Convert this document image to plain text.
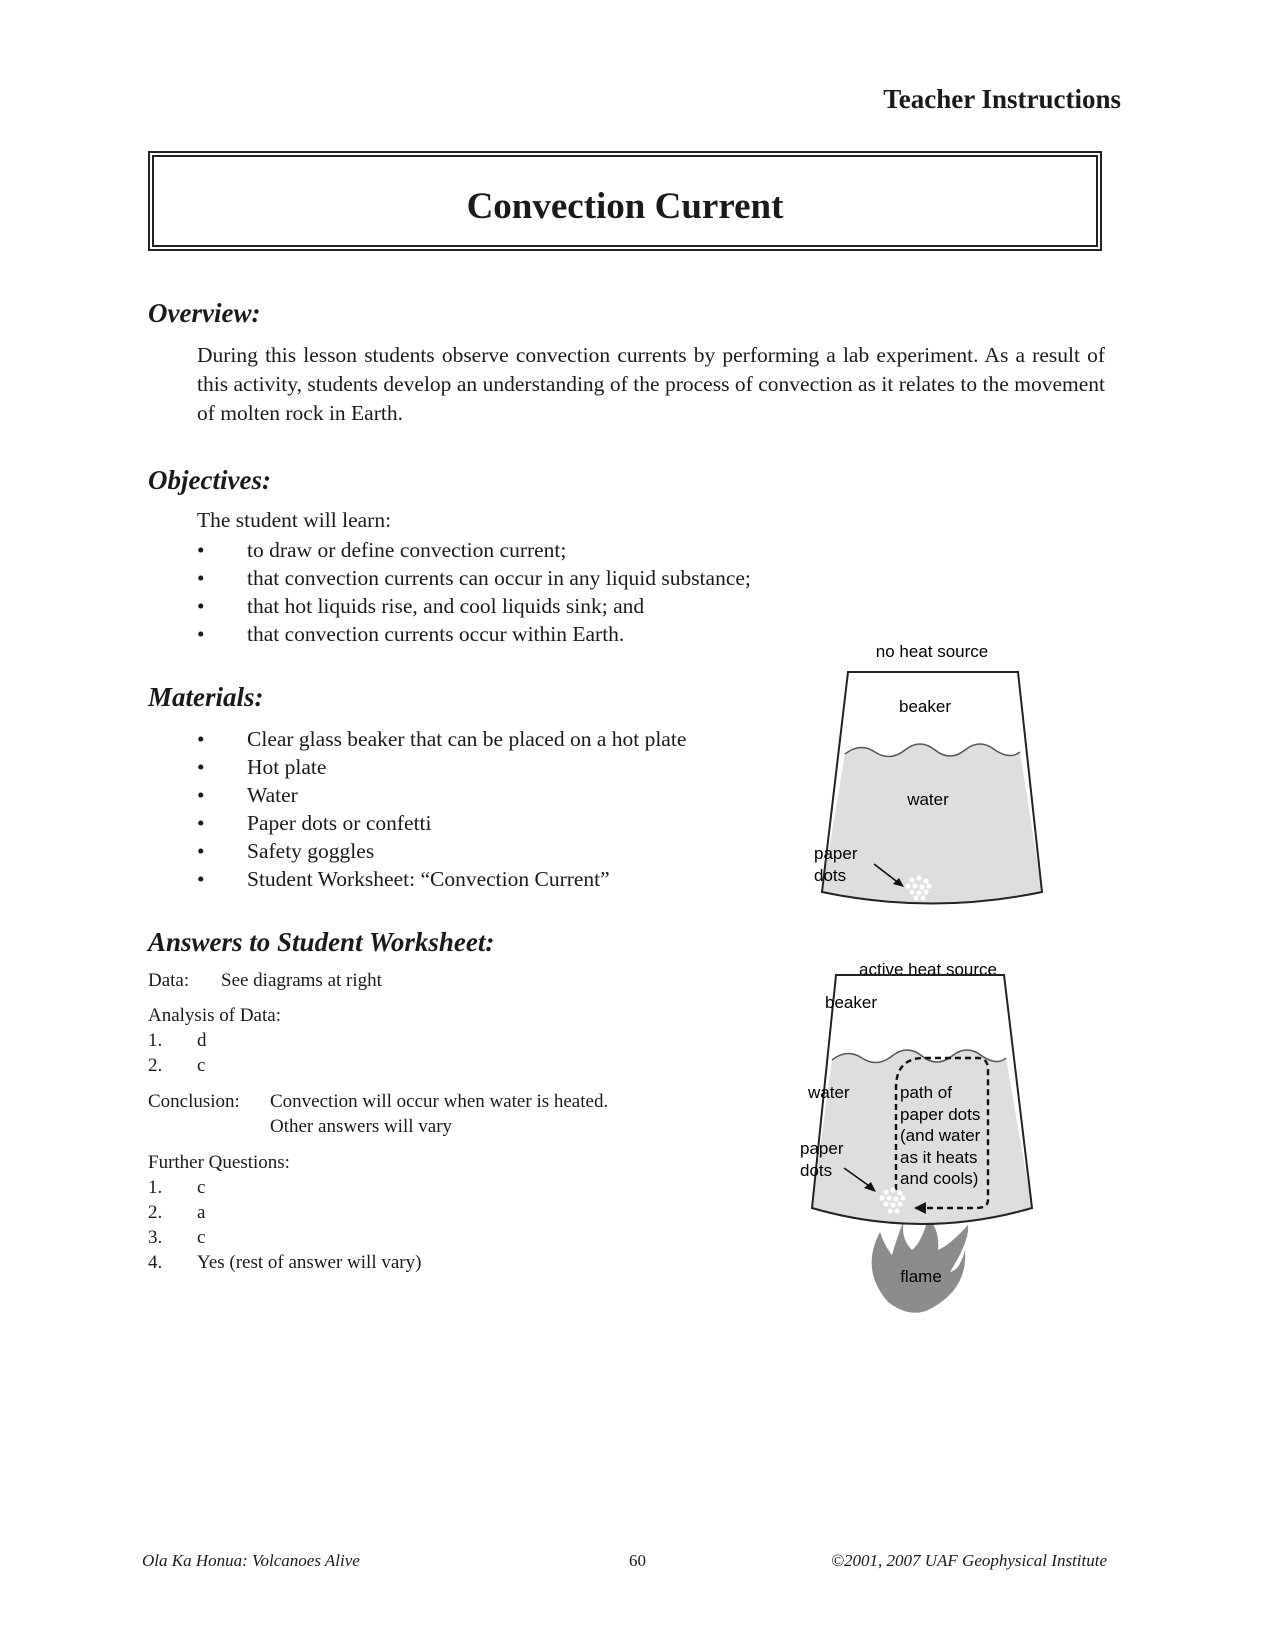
Teacher Instructions
Convection Current
Overview:
During this lesson students observe convection currents by performing a lab experiment. As a result of this activity, students develop an understanding of the process of convection as it relates to the movement of molten rock in Earth.
Objectives:
The student will learn:
• to draw or define convection current;
• that convection currents can occur in any liquid substance;
• that hot liquids rise, and cool liquids sink; and
• that convection currents occur within Earth.
Materials:
• Clear glass beaker that can be placed on a hot plate
• Hot plate
• Water
• Paper dots or confetti
• Safety goggles
• Student Worksheet: “Convection Current”
Answers to Student Worksheet:
Data: See diagrams at right
Analysis of Data:
1. d
2. c
Conclusion: Convection will occur when water is heated.
Other answers will vary
Further Questions:
1. c
2. a
3. c
4. Yes (rest of answer will vary)
no heat source
beaker
water
paper
dots
active heat source
flame
beaker
water
paper
dots
path of
paper dots
(and water
as it heats
and cools)
Ola Ka Honua: Volcanoes Alive	60	©2001, 2007 UAF Geophysical Institute
